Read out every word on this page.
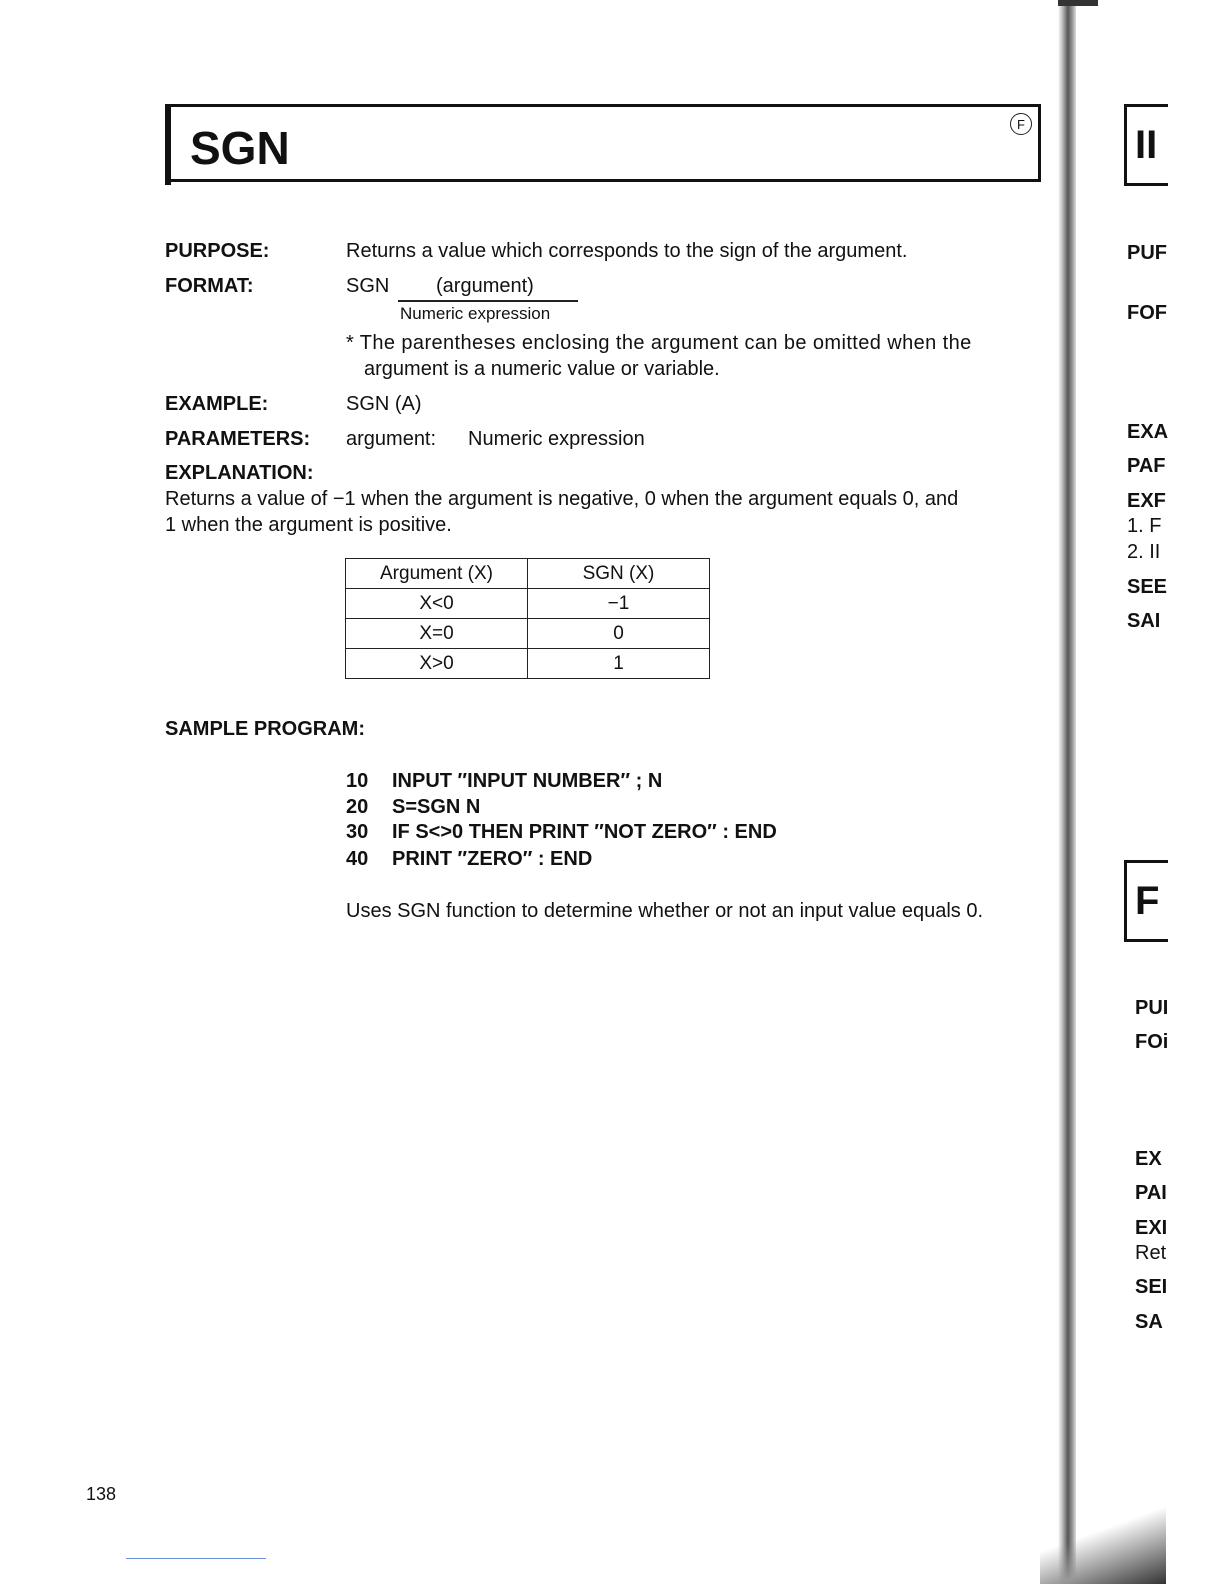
SGN	F
PURPOSE:	Returns a value which corresponds to the sign of the argument.
FORMAT:	SGN (argument)
Numeric expression
* The parentheses enclosing the argument can be omitted when the
argument is a numeric value or variable.
EXAMPLE:	SGN (A)
PARAMETERS: argument: Numeric expression
EXPLANATION:
Returns a value of −1 when the argument is negative, 0 when the argument equals 0, and
1 when the argument is positive.
Argument (X)	SGN (X)
X<0	−1
X=0	0
X>0	1
SAMPLE PROGRAM:
10 INPUT ″INPUT NUMBER″ ; N
20 S=SGN N
30 IF S<>0 THEN PRINT ″NOT ZERO″ : END
40 PRINT ″ZERO″ : END
Uses SGN function to determine whether or not an input value equals 0.
138
II
F
PUF
FOF
EXA
PAF
EXF
1. F
2. II
SEE
SAI
PUI
FOi
EX
PAI
EXI
Ret
SEI
SA
